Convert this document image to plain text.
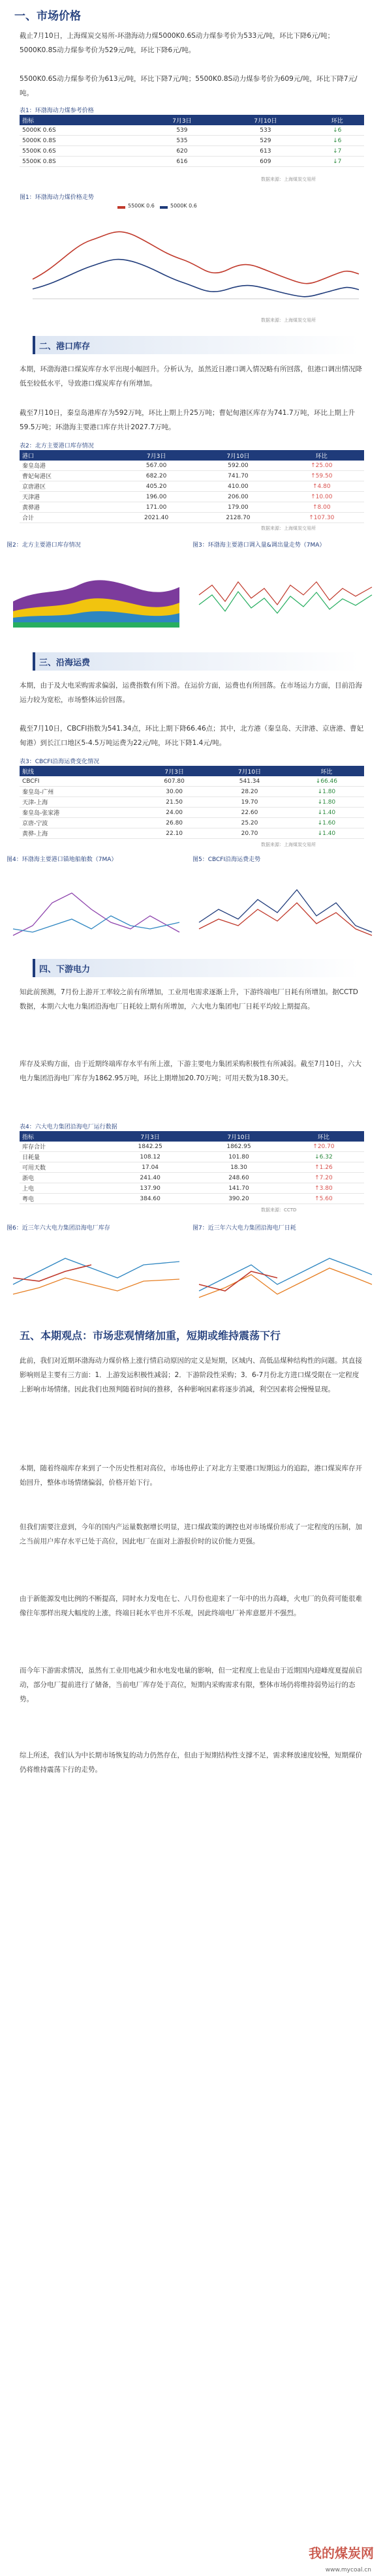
一、市场价格
截止7月10日，上海煤炭交易所-环渤海动力煤5000K0.6S动力煤参考价为533元/吨，环比下降6元/吨；5000K0.8S动力煤参考价为529元/吨，环比下降6元/吨。
5500K0.6S动力煤参考价为613元/吨，环比下降7元/吨；5500K0.8S动力煤参考价为609元/吨，环比下降7元/吨。
表1：环渤海动力煤参考价格
指标	7月3日	7月10日	环比
5000K 0.6S	539	533	↓6
5000K 0.8S	535	529	↓6
5500K 0.6S	620	613	↓7
5500K 0.8S	616	609	↓7
数据来源：上海煤炭交易所
图1：环渤海动力煤价格走势
5500K 0.6	5000K 0.6
数据来源：上海煤炭交易所
二、港口库存
本期，环渤海港口煤炭库存水平出现小幅回升。分析认为，虽然近日港口调入情况略有所回落，但港口调出情况降低至较低水平，导致港口煤炭库存有所增加。
截至7月10日，秦皇岛港库存为592万吨，环比上期上升25万吨；曹妃甸港区库存为741.7万吨，环比上期上升59.5万吨；环渤海主要港口库存共计2027.7万吨。
表2：北方主要港口库存情况
港口	7月3日	7月10日	环比
秦皇岛港	567.00	592.00	↑25.00
曹妃甸港区	682.20	741.70	↑59.50
京唐港区	405.20	410.00	↑4.80
天津港	196.00	206.00	↑10.00
黄骅港	171.00	179.00	↑8.00
合计	2021.40	2128.70	↑107.30
数据来源：上海煤炭交易所
图2：北方主要港口库存情况	图3：环渤海主要港口调入量&调出量走势（7MA）
三、沿海运费
本期，由于及大电采购需求偏弱，运费指数有所下滑。在运价方面，运费也有所回落。在市场运力方面，目前沿海运力较为宽松，市场整体运价回落。
截至7月10日，CBCFI指数为541.34点，环比上期下降66.46点；其中，北方港（秦皇岛、天津港、京唐港、曹妃甸港）到长江口地区5-4.5万吨运费为22元/吨，环比下降1.4元/吨。
表3：CBCFI沿海运费变化情况
航线	7月3日	7月10日	环比
CBCFI	607.80	541.34	↓66.46
秦皇岛-广州	30.00	28.20	↓1.80
天津-上海	21.50	19.70	↓1.80
秦皇岛-张家港	24.00	22.60	↓1.40
京唐-宁波	26.80	25.20	↓1.60
黄骅-上海	22.10	20.70	↓1.40
数据来源：上海煤炭交易所
图4：环渤海主要港口锚地船舶数（7MA）	图5：CBCFI沿海运费走势
四、下游电力
知此前预测，7月份上游开工率较之前有所增加，工业用电需求逐渐上升，下游终端电厂日耗有所增加。据CCTD数据，本期六大电力集团沿海电厂日耗较上期有所增加，六大电力集团电厂日耗平均较上期提高。
库存及采购方面，由于近期终端库存水平有所上涨，下游主要电力集团采购积极性有所减弱。截至7月10日，六大电力集团沿海电厂库存为1862.95万吨，环比上期增加20.70万吨；可用天数为18.30天。
表4：六大电力集团沿海电厂运行数据
指标	7月3日	7月10日	环比
库存合计	1842.25	1862.95	↑20.70
日耗量	108.12	101.80	↓6.32
可用天数	17.04	18.30	↑1.26
浙电	241.40	248.60	↑7.20
上电	137.90	141.70	↑3.80
粤电	384.60	390.20	↑5.60
数据来源：CCTD
图6：近三年六大电力集团沿海电厂库存	图7：近三年六大电力集团沿海电厂日耗
五、本期观点：市场悲观情绪加重，短期或维持震荡下行
此前，我们对近期环渤海动力煤价格上涨行情启动原因的定义是短期，区域内、高低品煤种结构性的问题。其直接影响则是主要有三方面：1．上游发运积极性减弱；2．下游阶段性采购；3．6-7月份北方进口煤受限在一定程度上影响市场情绪。因此我们也预判随着时间的推移，各种影响因素将逐步消减，利空因素将会慢慢显现。
本期，随着终端库存来到了一个历史性相对高位，市场也停止了对北方主要港口短期运力的追踪，港口煤炭库存开始回升，整体市场情绪偏弱，价格开始下行。
但我们需要注意到，今年的国内产运量数据增长明显，进口煤政策的调控也对市场煤价形成了一定程度的压制，加之当前用户库存水平已处于高位，因此电厂在面对上游报价时的议价能力更强。
由于新能源发电比例的不断提高，同时水力发电在七、八月份也迎来了一年中的出力高峰，火电厂的负荷可能很难像往年那样出现大幅度的上涨，终端日耗水平也并不乐观，因此终端电厂补库意愿并不强烈。
而今年下游需求情况，虽然有工业用电减少和水电发电量的影响，但一定程度上也是由于近期国内迎峰度夏提前启动，部分电厂提前进行了储备，当前电厂库存处于高位，短期内采购需求有限，整体市场仍将维持弱势运行的态势。
综上所述，我们认为中长期市场恢复的动力仍然存在，但由于短期结构性支撑不足，需求释放速度较慢，短期煤价仍将维持震荡下行的走势。
我的煤炭网
www.mycoal.cn
